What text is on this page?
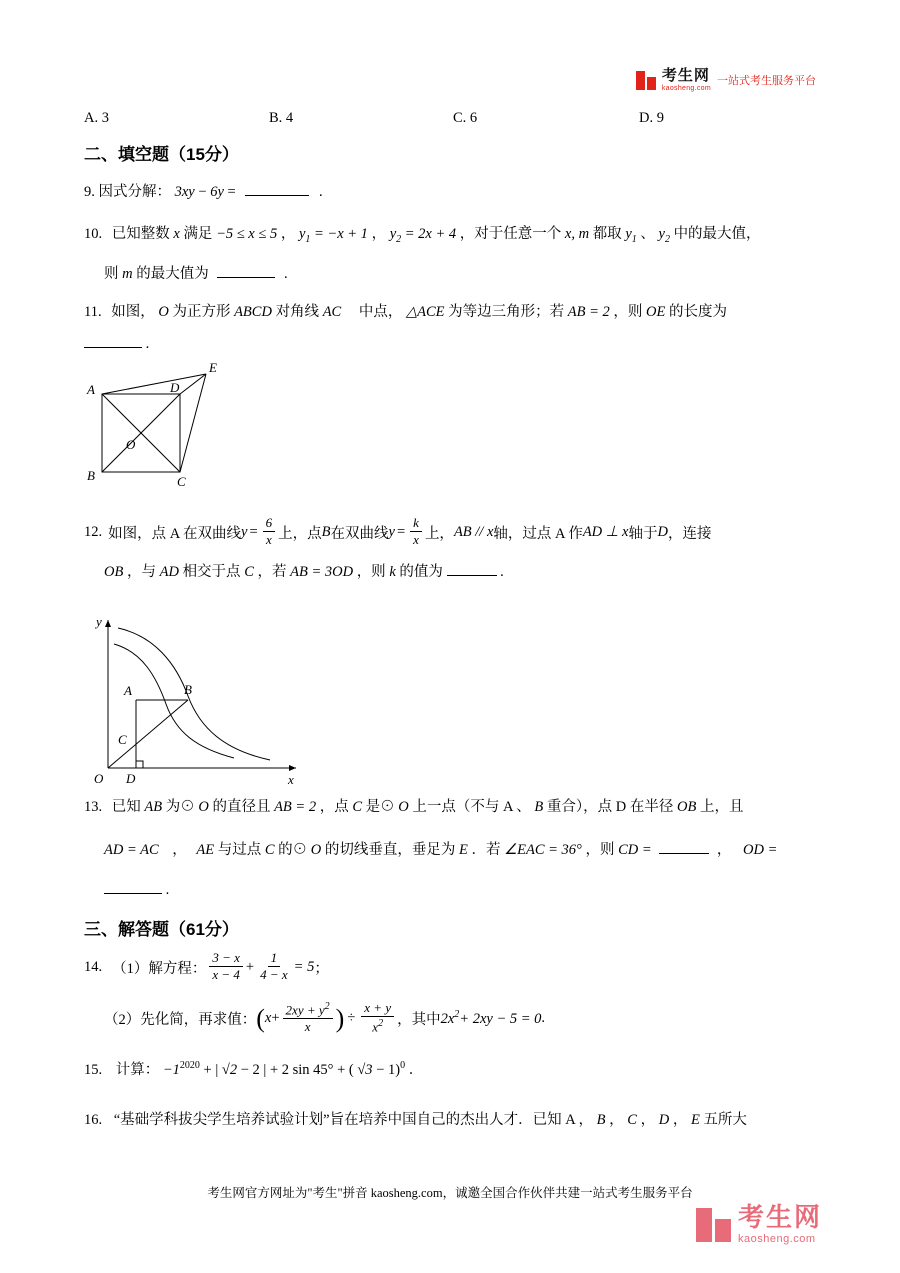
考生网
kaosheng.com
一站式考生服务平台
A. 3	B. 4	C. 6	D. 9
二、填空题（15分）
9. 因式分解： 3xy − 6y =	.
10. 已知整数 x 满足 −5 ≤ x ≤ 5 ， $y_1 = -x + 1$ ， $y_2 = 2x + 4$ ，对于任意一个 x, m 都取 $y_1$ 、 $y_2$ 中的最大值，
则 m 的最大值为	.
11. 如图， O 为正方形 ABCD 对角线 AC 中点， △ACE 为等边三角形；若 AB = 2 ，则 OE 的长度为
.
A
B	C
D
E
O
12. 如图，点 A 在双曲线 $y = \frac{6}{x}$ 上，点 B 在双曲线 $y = \frac{k}{x}$ 上， AB // x 轴，过点 A 作 AD ⊥ x 轴于 D ，连接
OB ，与 AD 相交于点 C ，若 AB = 3OD ，则 k 的值为	.
A	B
C
D
O	x
y
13. 已知 AB 为⊙ O 的直径且 AB = 2 ，点 C 是⊙ O 上一点（不与 A 、 B 重合），点 D 在半径 OB 上，且
AD = AC ， AE 与过点 C 的⊙ O 的切线垂直，垂足为 E ．若 ∠EAC = 36° ，则 CD =	， OD =
.
三、解答题（61分）
14. （1）解方程： $\frac{3 - x}{x - 4} + \frac{1}{4 - x} = 5$ ；
（2）先化简，再求值： ( $x + \frac{2xy + y^2}{x}$ ) ÷ $\frac{x + y}{x^2}$ ，其中 $2x^2+ 2xy - 5 = 0$ .
15. 计算： $-1^{2020}$ + | √2 − 2 | + 2 sin 45° + ( √3 − 1)$^0$ ．
16. “基础学科拔尖学生培养试验计划”旨在培养中国自己的杰出人才．已知 A ， B ， C ， D ， E 五所大
考生网官方网址为"考生"拼音 kaosheng.com，诚邀全国合作伙伴共建一站式考生服务平台
考生网
kaosheng.com
